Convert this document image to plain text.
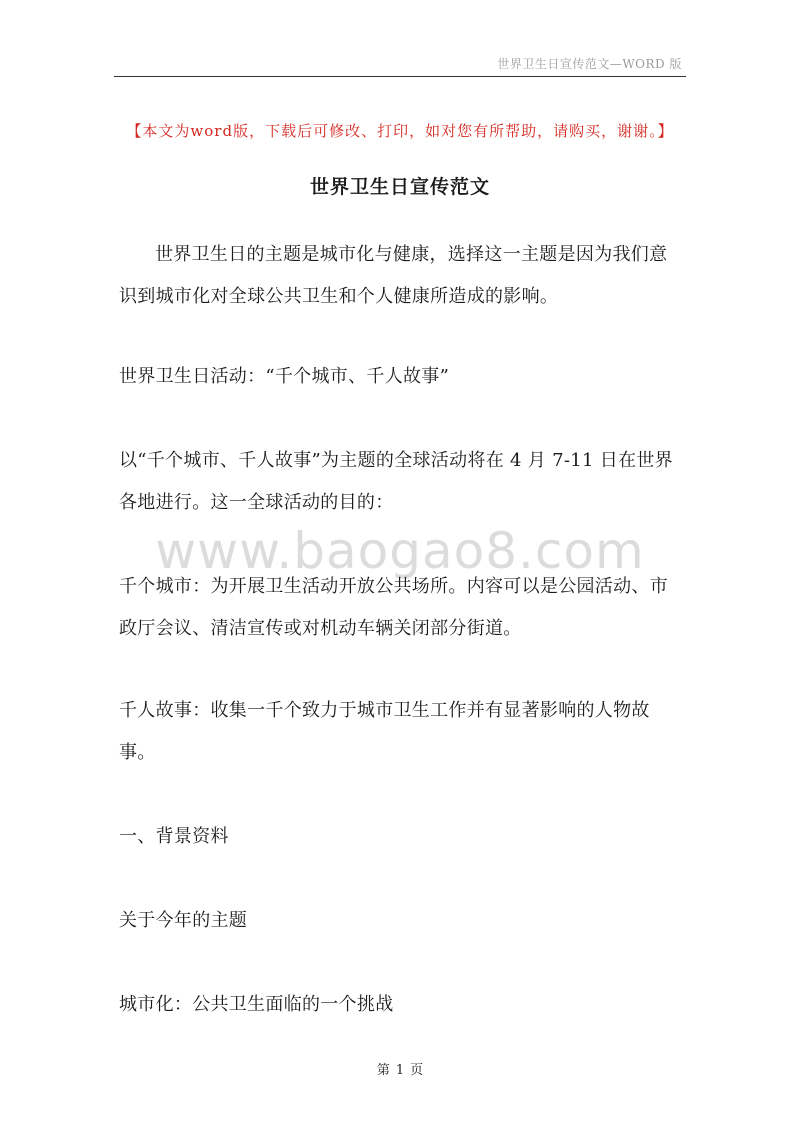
世界卫生日宣传范文—WORD 版
【本文为word版，下载后可修改、打印，如对您有所帮助，请购买，谢谢。】
世界卫生日宣传范文

世界卫生日的主题是城市化与健康，选择这一主题是因为我们意识到城市化对全球公共卫生和个人健康所造成的影响。

世界卫生日活动：“千个城市、千人故事”

以“千个城市、千人故事”为主题的全球活动将在 4 月 7-11 日在世界各地进行。这一全球活动的目的：

www.baogao8.com

千个城市：为开展卫生活动开放公共场所。内容可以是公园活动、市政厅会议、清洁宣传或对机动车辆关闭部分街道。

千人故事：收集一千个致力于城市卫生工作并有显著影响的人物故事。

一、背景资料

关于今年的主题

城市化：公共卫生面临的一个挑战

第 1 页
